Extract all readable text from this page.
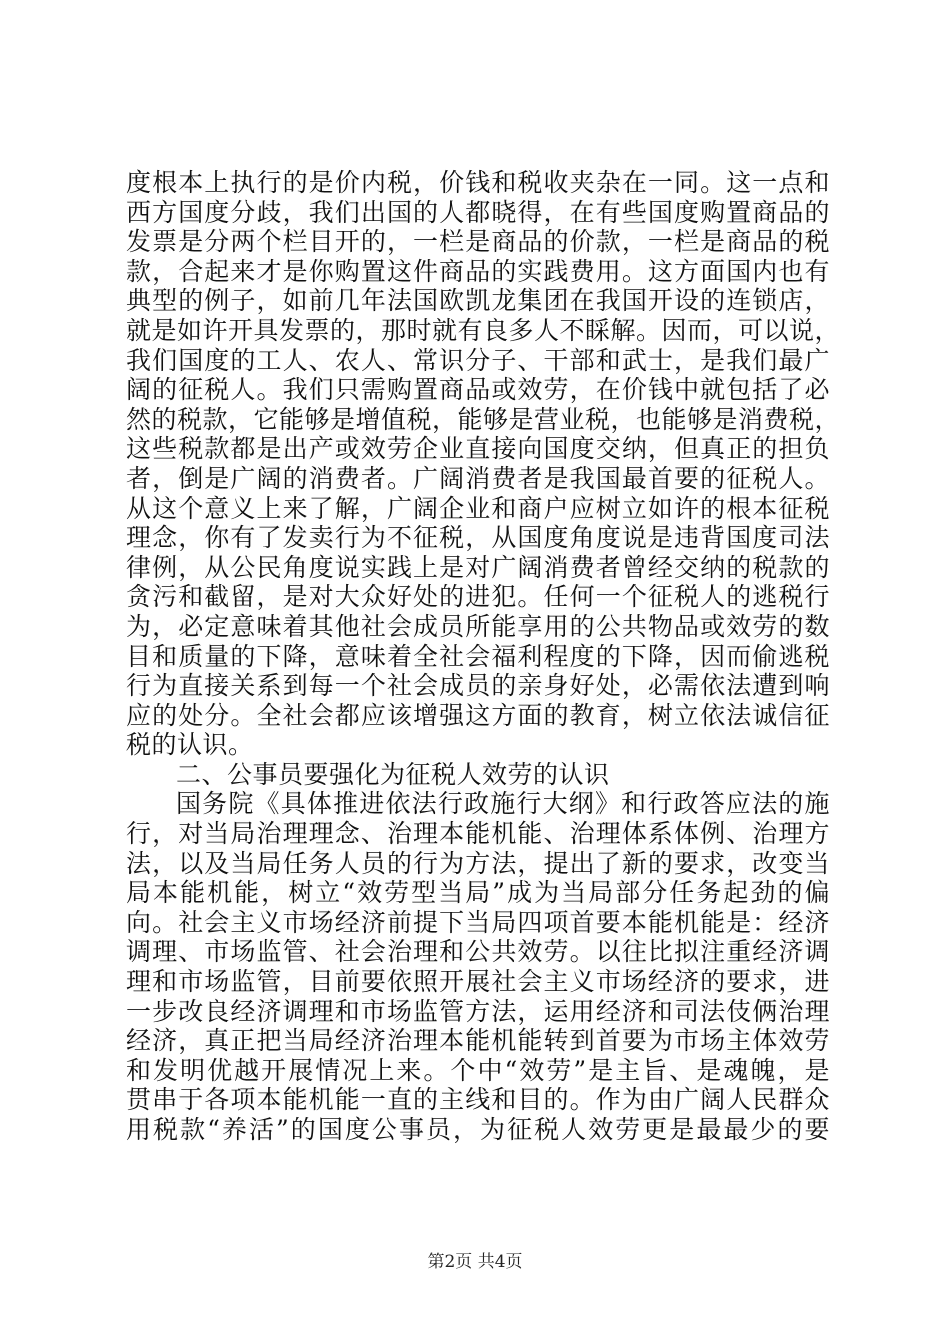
度根本上执行的是价内税，价钱和税收夹杂在一同。这一点和
西方国度分歧，我们出国的人都晓得，在有些国度购置商品的
发票是分两个栏目开的，一栏是商品的价款，一栏是商品的税
款，合起来才是你购置这件商品的实践费用。这方面国内也有
典型的例子，如前几年法国欧凯龙集团在我国开设的连锁店，
就是如许开具发票的，那时就有良多人不睬解。因而，可以说，
我们国度的工人、农人、常识分子、干部和武士，是我们最广
阔的征税人。我们只需购置商品或效劳，在价钱中就包括了必
然的税款，它能够是增值税，能够是营业税，也能够是消费税，
这些税款都是出产或效劳企业直接向国度交纳，但真正的担负
者，倒是广阔的消费者。广阔消费者是我国最首要的征税人。
从这个意义上来了解，广阔企业和商户应树立如许的根本征税
理念，你有了发卖行为不征税，从国度角度说是违背国度司法
律例，从公民角度说实践上是对广阔消费者曾经交纳的税款的
贪污和截留，是对大众好处的进犯。任何一个征税人的逃税行
为，必定意味着其他社会成员所能享用的公共物品或效劳的数
目和质量的下降，意味着全社会福利程度的下降，因而偷逃税
行为直接关系到每一个社会成员的亲身好处，必需依法遭到响
应的处分。全社会都应该增强这方面的教育，树立依法诚信征
税的认识。
二、公事员要强化为征税人效劳的认识
国务院《具体推进依法行政施行大纲》和行政答应法的施
行，对当局治理理念、治理本能机能、治理体系体例、治理方
法，以及当局任务人员的行为方法，提出了新的要求，改变当
局本能机能，树立“效劳型当局”成为当局部分任务起劲的偏
向。社会主义市场经济前提下当局四项首要本能机能是：经济
调理、市场监管、社会治理和公共效劳。以往比拟注重经济调
理和市场监管，目前要依照开展社会主义市场经济的要求，进
一步改良经济调理和市场监管方法，运用经济和司法伎俩治理
经济，真正把当局经济治理本能机能转到首要为市场主体效劳
和发明优越开展情况上来。个中“效劳”是主旨、是魂魄，是
贯串于各项本能机能一直的主线和目的。作为由广阔人民群众
用税款“养活”的国度公事员，为征税人效劳更是最最少的要
第2页 共4页
